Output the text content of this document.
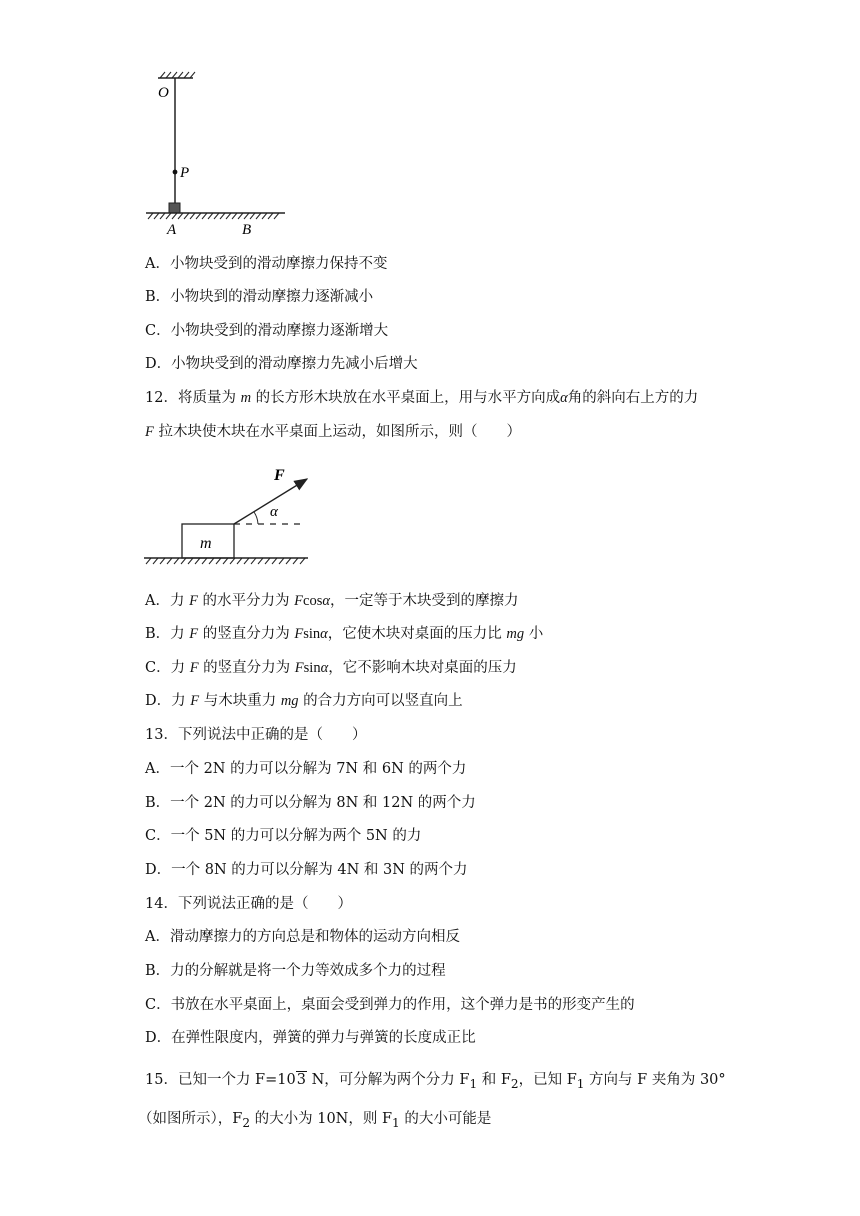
O
P
A	B
A．小物块受到的滑动摩擦力保持不变
B．小物块到的滑动摩擦力逐渐减小
C．小物块受到的滑动摩擦力逐渐增大
D．小物块受到的滑动摩擦力先减小后增大
12．将质量为 m 的长方形木块放在水平桌面上，用与水平方向成α角的斜向右上方的力
F 拉木块使木块在水平桌面上运动，如图所示，则（　　）
m
F
α
A．力 F 的水平分力为 Fcosα，一定等于木块受到的摩擦力
B．力 F 的竖直分力为 Fsinα，它使木块对桌面的压力比 mg 小
C．力 F 的竖直分力为 Fsinα，它不影响木块对桌面的压力
D．力 F 与木块重力 mg 的合力方向可以竖直向上
13．下列说法中正确的是（　　）
A．一个 2N 的力可以分解为 7N 和 6N 的两个力
B．一个 2N 的力可以分解为 8N 和 12N 的两个力
C．一个 5N 的力可以分解为两个 5N 的力
D．一个 8N 的力可以分解为 4N 和 3N 的两个力
14．下列说法正确的是（　　）
A．滑动摩擦力的方向总是和物体的运动方向相反
B．力的分解就是将一个力等效成多个力的过程
C．书放在水平桌面上，桌面会受到弹力的作用，这个弹力是书的形变产生的
D．在弹性限度内，弹簧的弹力与弹簧的长度成正比
15．已知一个力 F=103 N，可分解为两个分力 $F_1$ 和 $F_2$，已知 $F_1$ 方向与 F 夹角为 30°
（如图所示），$F_2$ 的大小为 10N，则 $F_1$ 的大小可能是
